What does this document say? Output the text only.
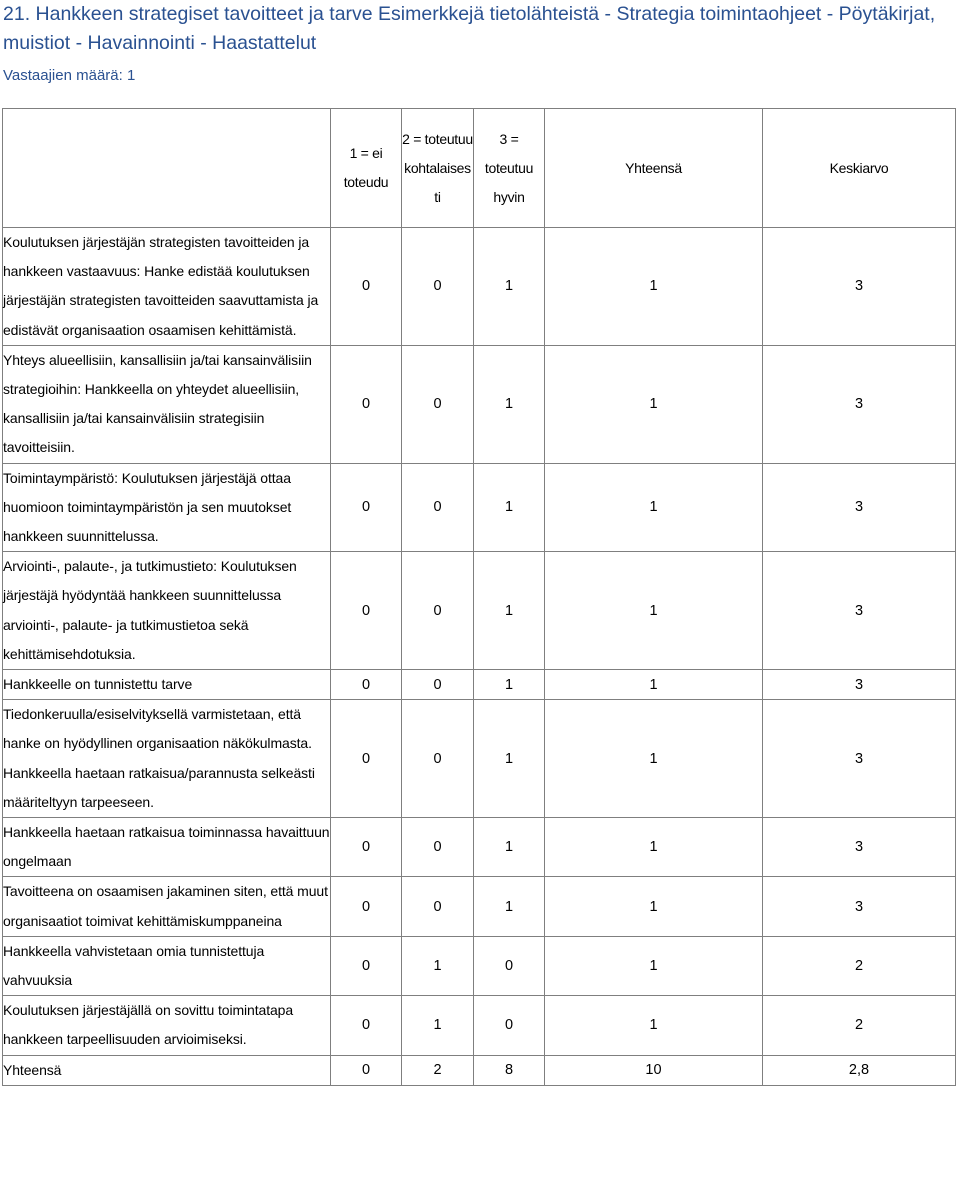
21. Hankkeen strategiset tavoitteet ja tarve Esimerkkejä tietolähteistä - Strategia toimintaohjeet - Pöytäkirjat, muistiot - Havainnointi - Haastattelut
Vastaajien määrä: 1
	1 = ei toteudu	2 = toteutuu kohtalaises ti	3 = toteutuu hyvin	Yhteensä	Keskiarvo
Koulutuksen järjestäjän strategisten tavoitteiden ja hankkeen vastaavuus: Hanke edistää koulutuksen järjestäjän strategisten tavoitteiden saavuttamista ja edistävät organisaation osaamisen kehittämistä.	0	0	1	1	3
Yhteys alueellisiin, kansallisiin ja/tai kansainvälisiin strategioihin: Hankkeella on yhteydet alueellisiin, kansallisiin ja/tai kansainvälisiin strategisiin tavoitteisiin.	0	0	1	1	3
Toimintaympäristö: Koulutuksen järjestäjä ottaa huomioon toimintaympäristön ja sen muutokset hankkeen suunnittelussa.	0	0	1	1	3
Arviointi-, palaute-, ja tutkimustieto: Koulutuksen järjestäjä hyödyntää hankkeen suunnittelussa arviointi-, palaute- ja tutkimustietoa sekä kehittämisehdotuksia.	0	0	1	1	3
Hankkeelle on tunnistettu tarve	0	0	1	1	3
Tiedonkeruulla/esiselvityksellä varmistetaan, että hanke on hyödyllinen organisaation näkökulmasta. Hankkeella haetaan ratkaisua/parannusta selkeästi määriteltyyn tarpeeseen.	0	0	1	1	3
Hankkeella haetaan ratkaisua toiminnassa havaittuun ongelmaan	0	0	1	1	3
Tavoitteena on osaamisen jakaminen siten, että muut organisaatiot toimivat kehittämiskumppaneina	0	0	1	1	3
Hankkeella vahvistetaan omia tunnistettuja vahvuuksia	0	1	0	1	2
Koulutuksen järjestäjällä on sovittu toimintatapa hankkeen tarpeellisuuden arvioimiseksi.	0	1	0	1	2
Yhteensä	0	2	8	10	2,8
